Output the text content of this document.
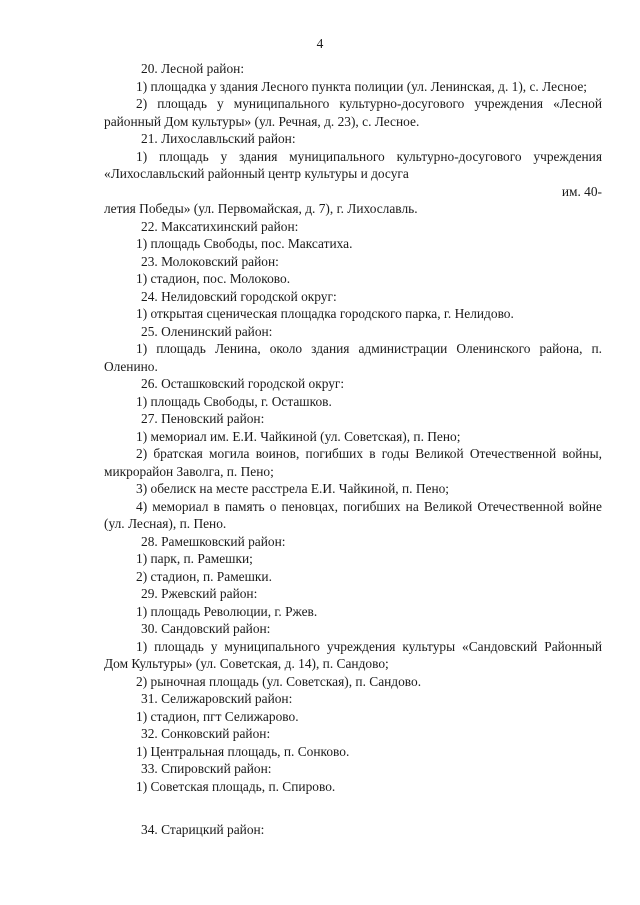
4

20. Лесной район:

1) площадка у здания Лесного пункта полиции (ул. Ленинская, д. 1), с. Лесное;

2) площадь у муниципального культурно-досугового учреждения «Лесной районный Дом культуры» (ул. Речная, д. 23), с. Лесное.

21. Лихославльский район:

1) площадь у здания муниципального культурно-досугового учреждения «Лихославльский районный центр культуры и досуга

им. 40-
летия Победы» (ул. Первомайская, д. 7), г. Лихославль.

22. Максатихинский район:

1) площадь Свободы, пос. Максатиха.

23. Молоковский район:

1) стадион, пос. Молоково.

24. Нелидовский городской округ:

1) открытая сценическая площадка городского парка, г. Нелидово.

25. Оленинский район:

1) площадь Ленина, около здания администрации Оленинского района, п. Оленино.

26. Осташковский городской округ:

1) площадь Свободы, г. Осташков.

27. Пеновский район:

1) мемориал им. Е.И. Чайкиной (ул. Советская), п. Пено;

2) братская могила воинов, погибших в годы Великой Отечественной войны, микрорайон Заволга, п. Пено;

3) обелиск на месте расстрела Е.И. Чайкиной, п. Пено;

4) мемориал в память о пеновцах, погибших на Великой Отечественной войне (ул. Лесная), п. Пено.

28. Рамешковский район:

1) парк, п. Рамешки;

2) стадион, п. Рамешки.

29. Ржевский район:

1) площадь Революции, г. Ржев.

30. Сандовский район:

1) площадь у муниципального учреждения культуры «Сандовский Районный Дом Культуры» (ул. Советская, д. 14), п. Сандово;

2) рыночная площадь (ул. Советская), п. Сандово.

31. Селижаровский район:

1) стадион, пгт Селижарово.

32. Сонковский район:

1) Центральная площадь, п. Сонково.

33. Спировский район:

1) Советская площадь, п. Спирово.

34. Старицкий район:
